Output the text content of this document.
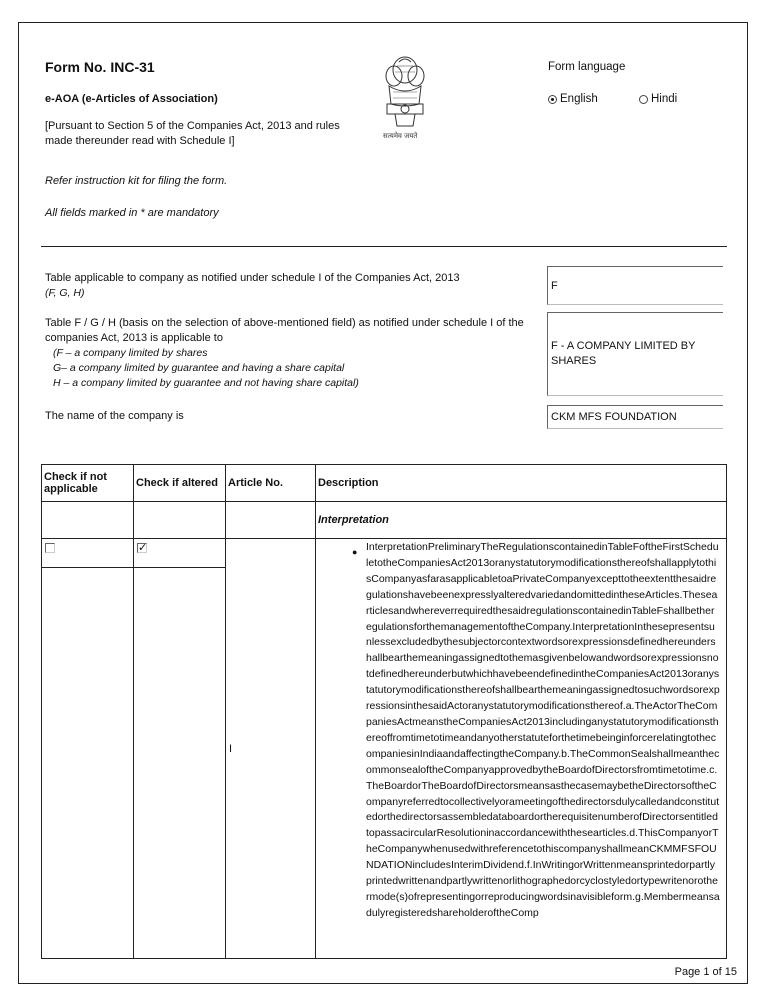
Form No. INC-31
e-AOA (e-Articles of Association)
[Pursuant to Section 5 of the Companies Act, 2013 and rules made thereunder read with Schedule I]	सत्यमेव जयते
Form language
English	Hindi
Refer instruction kit for filing the form.
All fields marked in * are mandatory
Table applicable to company as notified under schedule I of the Companies Act, 2013
(F, G, H)
F
Table F / G / H (basis on the selection of above-mentioned field) as notified under schedule I of the companies Act, 2013 is applicable to
(F – a company limited by shares
G– a company limited by guarantee and having a share capital
H – a company limited by guarantee and not having share capital)
F - A COMPANY LIMITED BY SHARES
The name of the company is	CKM MFS FOUNDATION
Check if not applicable	Check if altered	Article No.	Description
			Interpretation

	✓	I	● InterpretationPreliminaryTheRegulationscontainedinTableFoftheFirstScheduletotheCompaniesAct2013oranystatutorymodificationsthereofshallapplytothisCompanyasfarasapplicabletoaPrivateCompanyexcepttotheextentthesaidregulationshavebeenexpresslyalteredvariedandomittedintheseArticles.ThesearticlesandwhereverrequiredthesaidregulationscontainedinTableFshallbetheregulationsforthemanagementoftheCompany.InterpretationInthesepresentsunlessexcludedbythesubjectorcontextwordsorexpressionsdefinedhereundershallbearthemeaningassignedtothemasgivenbelowandwordsorexpressionsnotdefinedhereunderbutwhichhavebeendefinedintheCompaniesAct2013oranystatutorymodificationsthereofshallbearthemeaningassignedtosuchwordsorexpressionsinthesaidActoranystatutorymodificationsthereof.a.TheActorTheCompaniesActmeanstheCompaniesAct2013includinganystatutorymodificationsthereoffromtimetotimeandanyotherstatuteforthetimebeinginforcerelatingtothecompaniesinIndiaandaffectingtheCompany.b.TheCommonSealshallmeanthecommonsealoftheCompanyapprovedbytheBoardofDirectorsfromtimetotime.c.TheBoardorTheBoardofDirectorsmeansasthecasemaybetheDirectorsoftheCompanyreferredtocollectivelyorameetingofthedirectorsdulycalledandconstitutedorthedirectorsassembledataboardortherequisitenumberofDirectorsentitledtopassacircularResolutioninaccordancewiththesearticles.d.ThisCompanyorTheCompanywhenusedwithreferencetothiscompanyshallmeanCKMMFSFOUNDATIONincludesInterimDividend.f.InWritingorWrittenmeansprintedorpartlyprintedwrittenandpartlywrittenorlithographedorcyclostyledortypewritenorothermode(s)ofrepresentingorreproducingwordsinavisibleform.g.MembermeansadulyregisteredshareholderoftheComp
Page 1 of 15
